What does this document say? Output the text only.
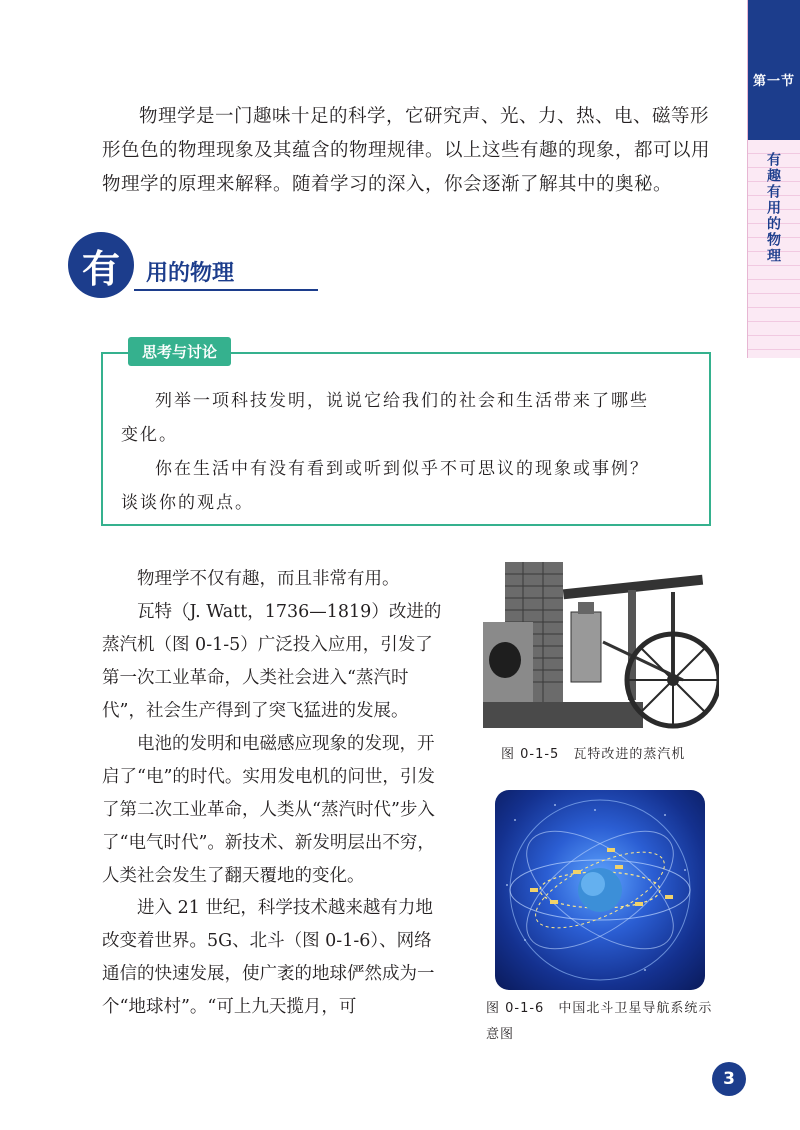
第一节
有趣有用的物理

物理学是一门趣味十足的科学，它研究声、光、力、热、电、磁等形形色色的物理现象及其蕴含的物理规律。以上这些有趣的现象，都可以用物理学的原理来解释。随着学习的深入，你会逐渐了解其中的奥秘。

有	用的物理
思考与讨论

列举一项科技发明，说说它给我们的社会和生活带来了哪些变化。

你在生活中有没有看到或听到似乎不可思议的现象或事例？谈谈你的观点。

物理学不仅有趣，而且非常有用。

瓦特（J. Watt，1736—1819）改进的蒸汽机（图 0-1-5）广泛投入应用，引发了第一次工业革命，人类社会进入“蒸汽时代”，社会生产得到了突飞猛进的发展。

电池的发明和电磁感应现象的发现，开启了“电”的时代。实用发电机的问世，引发了第二次工业革命，人类从“蒸汽时代”步入了“电气时代”。新技术、新发明层出不穷，人类社会发生了翻天覆地的变化。

进入 21 世纪，科学技术越来越有力地改变着世界。5G、北斗（图 0-1-6）、网络通信的快速发展，使广袤的地球俨然成为一个“地球村”。“可上九天揽月，可

图 0-1-5　瓦特改进的蒸汽机
图 0-1-6　中国北斗卫星导航系统示意图
3
